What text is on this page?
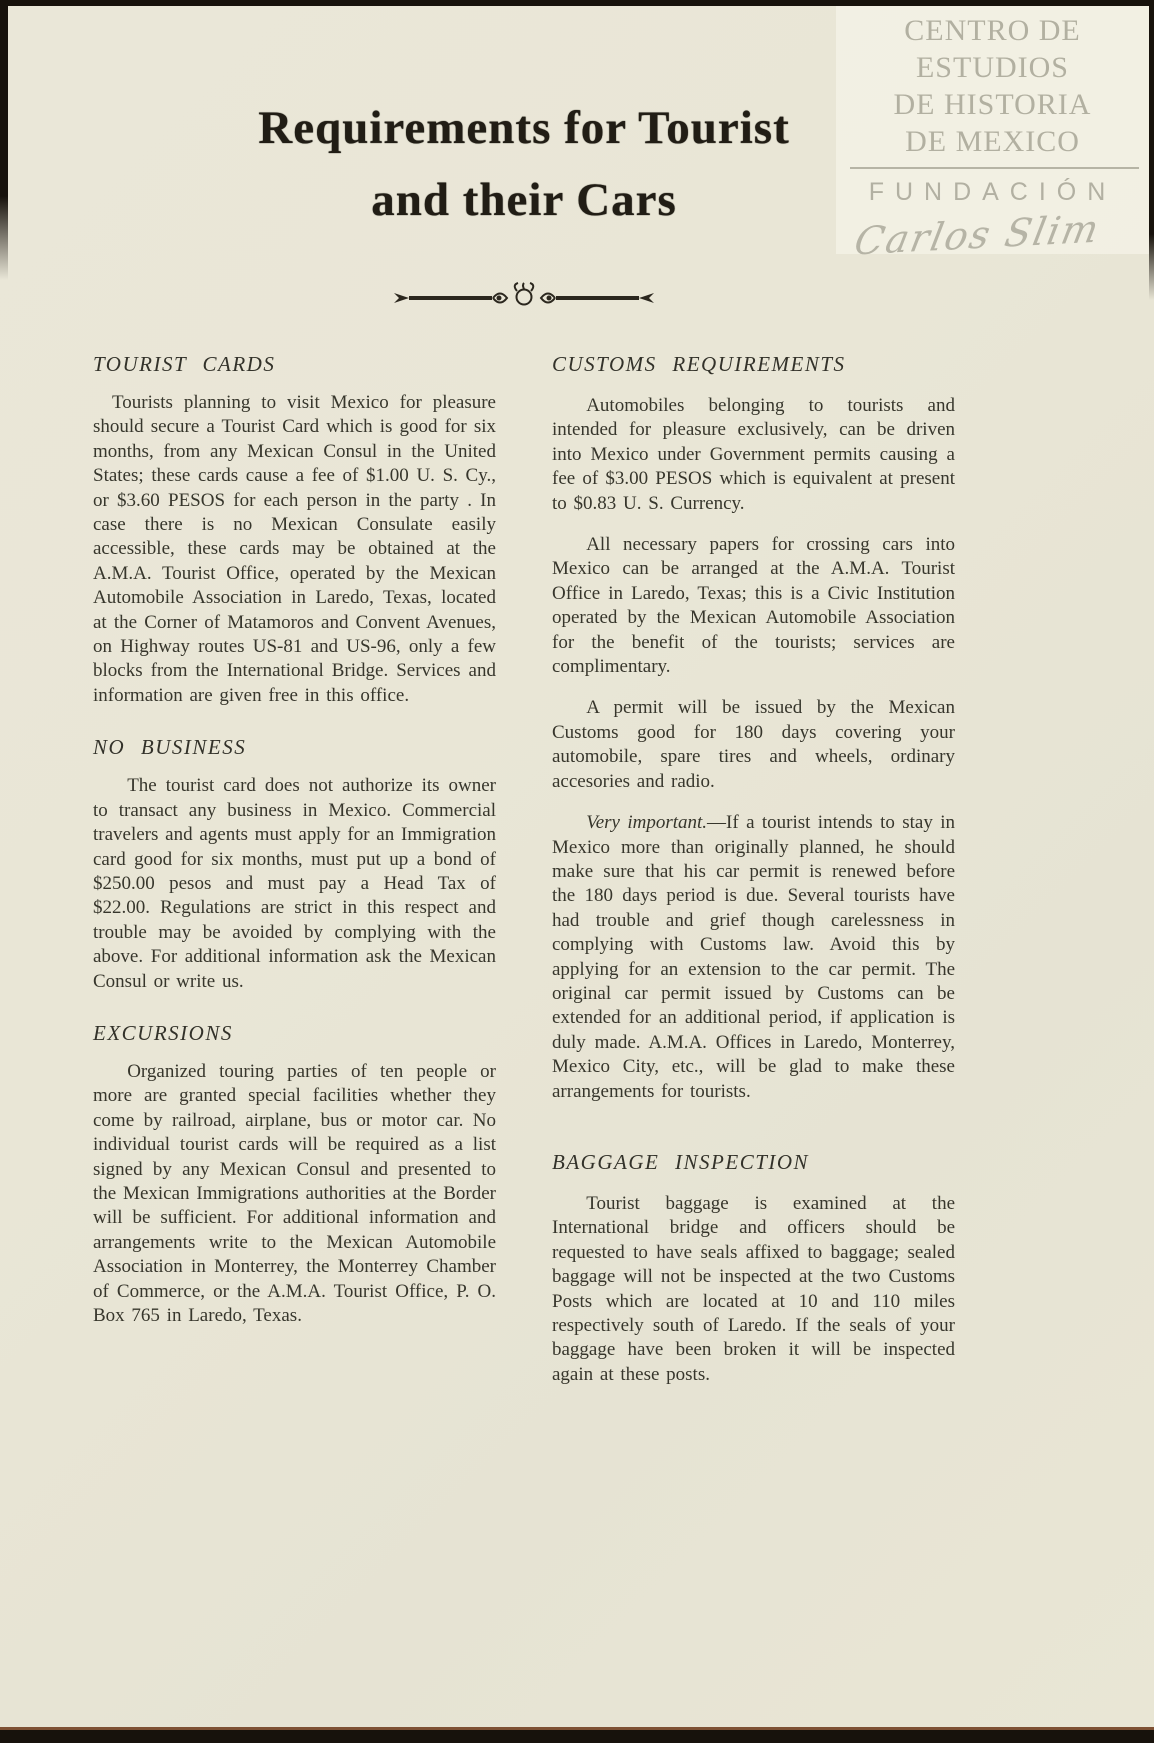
CENTRO DE
ESTUDIOS
DE HISTORIA
DE MEXICO
FUNDACIÓN
Carlos Slim
Requirements for Tourist
and their Cars
TOURIST CARDS

Tourists planning to visit Mexico for pleasure should secure a Tourist Card which is good for six months, from any Mexican Consul in the United States; these cards cause a fee of $1.00 U. S. Cy., or $3.60 PESOS for each person in the party . In case there is no Mexican Consulate easily accessible, these cards may be obtained at the A.M.A. Tourist Office, operated by the Mexican Automobile Association in Laredo, Texas, located at the Corner of Matamoros and Convent Avenues, on Highway routes US-81 and US-96, only a few blocks from the International Bridge. Services and information are given free in this office.

NO BUSINESS

The tourist card does not authorize its owner to transact any business in Mexico. Commercial travelers and agents must apply for an Immigration card good for six months, must put up a bond of $250.00 pesos and must pay a Head Tax of $22.00. Regulations are strict in this respect and trouble may be avoided by complying with the above. For additional information ask the Mexican Consul or write us.

EXCURSIONS

Organized touring parties of ten people or more are granted special facilities whether they come by railroad, airplane, bus or motor car. No individual tourist cards will be required as a list signed by any Mexican Consul and presented to the Mexican Immigrations authorities at the Border will be sufficient. For additional information and arrangements write to the Mexican Automobile Association in Monterrey, the Monterrey Chamber of Commerce, or the A.M.A. Tourist Office, P. O. Box 765 in Laredo, Texas.

CUSTOMS REQUIREMENTS

Automobiles belonging to tourists and intended for pleasure exclusively, can be driven into Mexico under Government permits causing a fee of $3.00 PESOS which is equivalent at present to $0.83 U. S. Currency.

All necessary papers for crossing cars into Mexico can be arranged at the A.M.A. Tourist Office in Laredo, Texas; this is a Civic Institution operated by the Mexican Automobile Association for the benefit of the tourists; services are complimentary.

A permit will be issued by the Mexican Customs good for 180 days covering your automobile, spare tires and wheels, ordinary accesories and radio.

Very important.—If a tourist intends to stay in Mexico more than originally planned, he should make sure that his car permit is renewed before the 180 days period is due. Several tourists have had trouble and grief though carelessness in complying with Customs law. Avoid this by applying for an extension to the car permit. The original car permit issued by Customs can be extended for an additional period, if application is duly made. A.M.A. Offices in Laredo, Monterrey, Mexico City, etc., will be glad to make these arrangements for tourists.

BAGGAGE INSPECTION

Tourist baggage is examined at the International bridge and officers should be requested to have seals affixed to baggage; sealed baggage will not be inspected at the two Customs Posts which are located at 10 and 110 miles respectively south of Laredo. If the seals of your baggage have been broken it will be inspected again at these posts.
